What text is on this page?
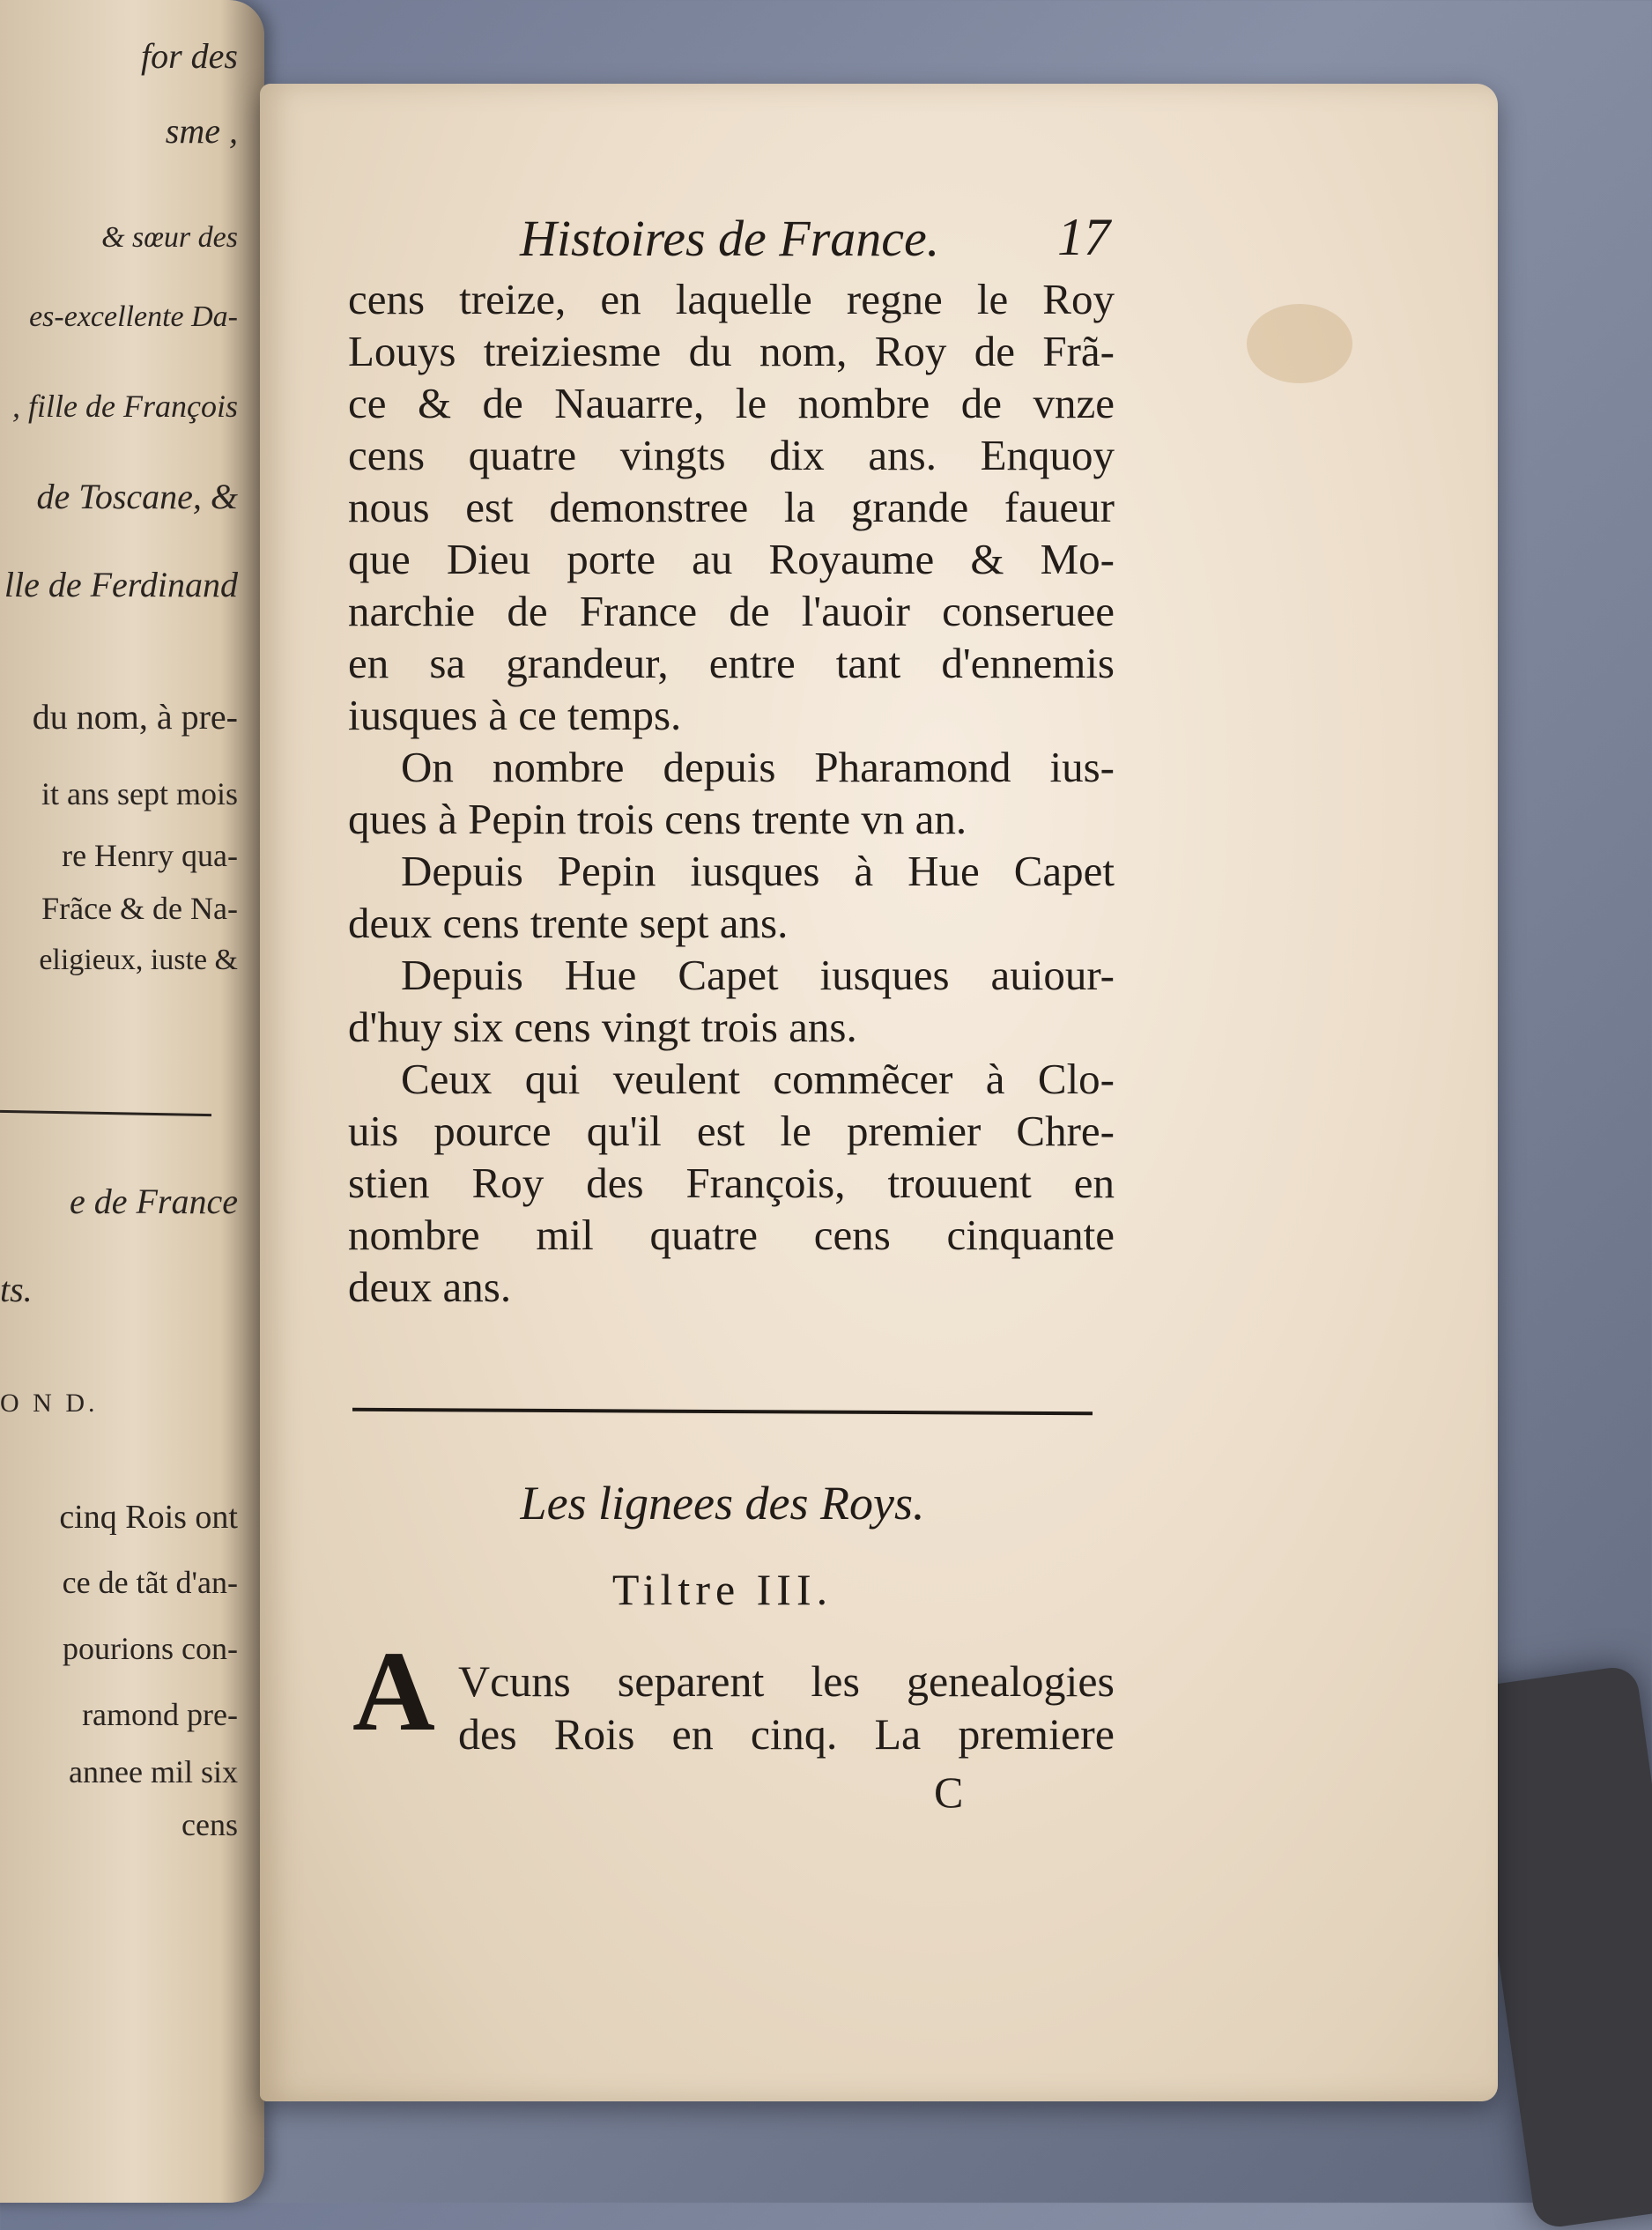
for des
sme ,
& sœur des
es-excellente Da-
, fille de François
de Toscane, &
lle de Ferdinand
du nom, à pre-
it ans sept mois
re Henry qua-
Frãce & de Na-
eligieux, iuste &
e de France
ts.
O N D.
cinq Rois ont
ce de tãt d'an-
pourions con-
ramond pre-
annee mil six
cens
Histoires de France. 17
cens treize, en laquelle regne le Roy
Louys treiziesme du nom, Roy de Frã-
ce & de Nauarre, le nombre de vnze
cens quatre vingts dix ans. Enquoy
nous est demonstree la grande faueur
que Dieu porte au Royaume & Mo-
narchie de France de l'auoir conseruee
en sa grandeur, entre tant d'ennemis
iusques à ce temps.
On nombre depuis Pharamond ius-
ques à Pepin trois cens trente vn an.
Depuis Pepin iusques à Hue Capet
deux cens trente sept ans.
Depuis Hue Capet iusques auiour-
d'huy six cens vingt trois ans.
Ceux qui veulent commẽcer à Clo-
uis pource qu'il est le premier Chre-
stien Roy des François, trouuent en
nombre mil quatre cens cinquante
deux ans.
Les lignees des Roys.
Tiltre III.
A Vcuns separent les genealogies
des Rois en cinq. La premiere
C
